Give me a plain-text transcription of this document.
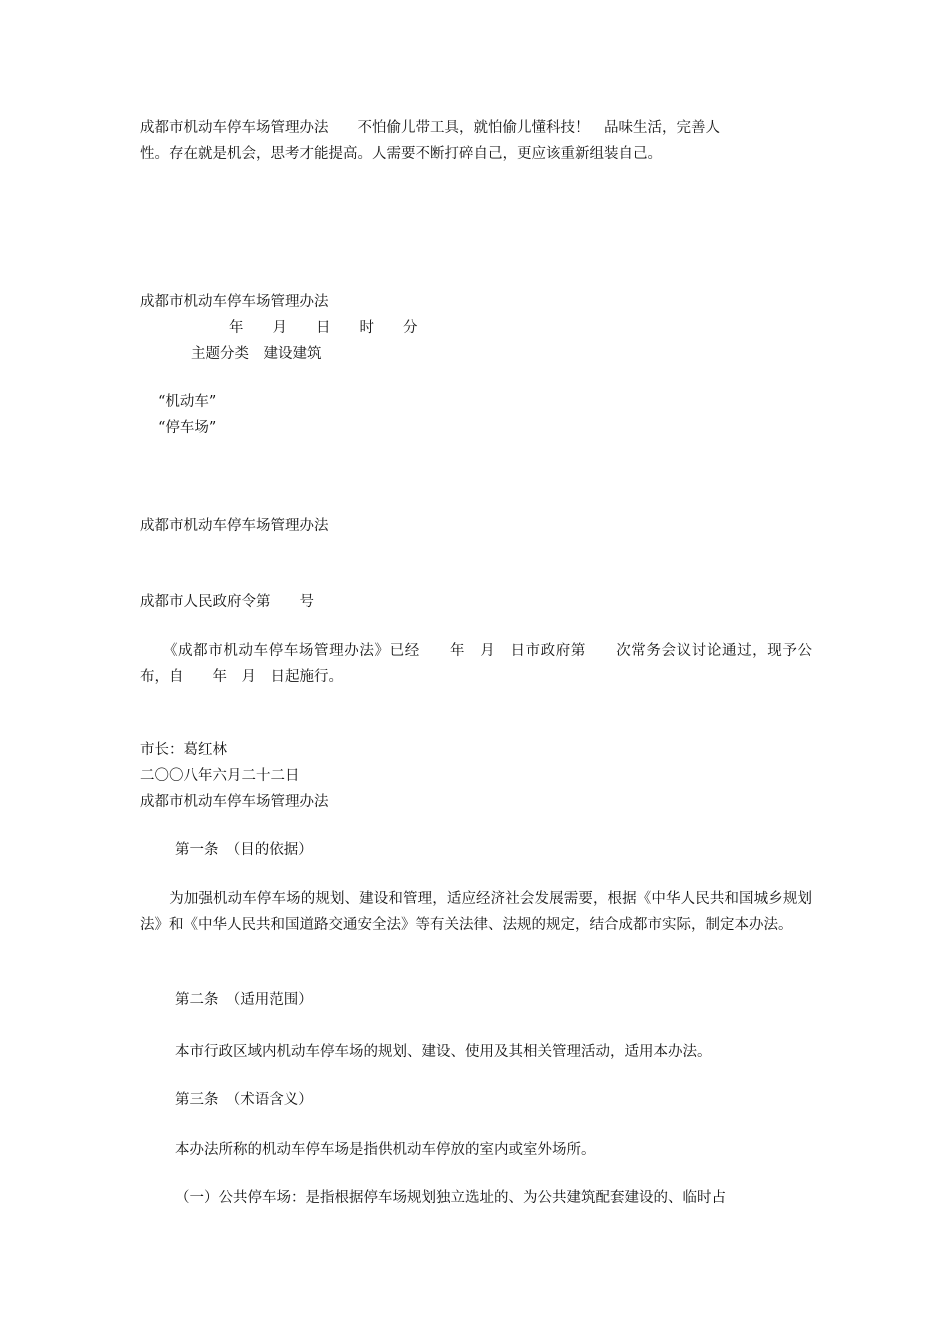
成都市机动车停车场管理办法　　不怕偷儿带工具，就怕偷儿懂科技！　品味生活，完善人

性。存在就是机会，思考才能提高。人需要不断打碎自己，更应该重新组装自己。

成都市机动车停车场管理办法

年　　月　　日　　时　　分

主题分类　建设建筑

“机动车”

“停车场”

成都市机动车停车场管理办法

成都市人民政府令第　　号

　　《成都市机动车停车场管理办法》已经　　年　月　日市政府第　　次常务会议讨论通过，现予公布，自　　年　月　日起施行。

市长：葛红林

二〇〇八年六月二十二日

成都市机动车停车场管理办法

第一条　（目的依据）

　　为加强机动车停车场的规划、建设和管理，适应经济社会发展需要，根据《中华人民共和国城乡规划法》和《中华人民共和国道路交通安全法》等有关法律、法规的规定，结合成都市实际，制定本办法。

第二条　（适用范围）

本市行政区域内机动车停车场的规划、建设、使用及其相关管理活动，适用本办法。

第三条　（术语含义）

本办法所称的机动车停车场是指供机动车停放的室内或室外场所。

（一）公共停车场：是指根据停车场规划独立选址的、为公共建筑配套建设的、临时占
